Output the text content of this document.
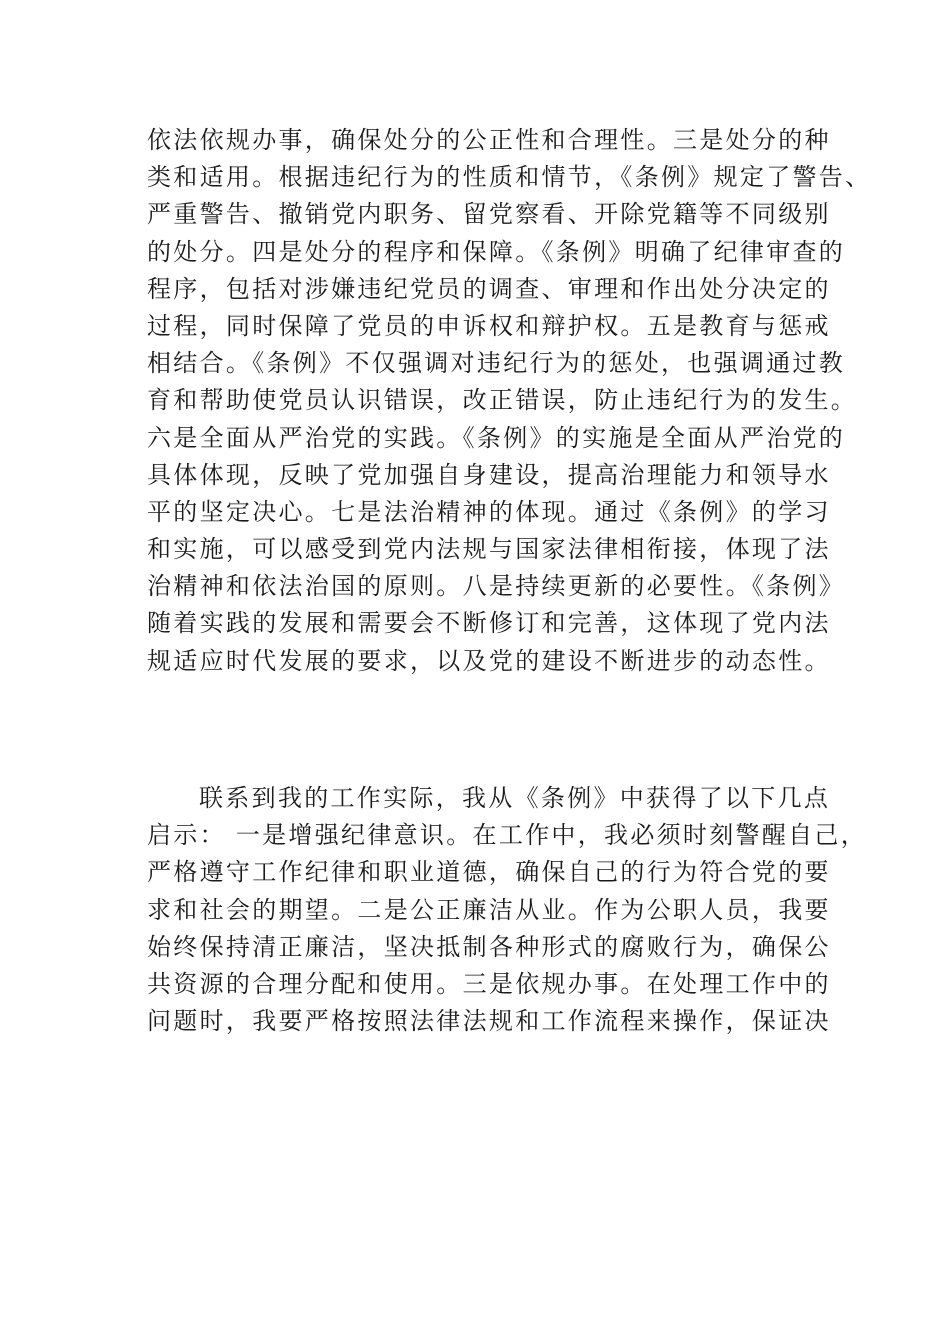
依法依规办事，确保处分的公正性和合理性。三是处分的种
类和适用。根据违纪行为的性质和情节，《条例》规定了警告、
严重警告、撤销党内职务、留党察看、开除党籍等不同级别
的处分。四是处分的程序和保障。《条例》明确了纪律审查的
程序，包括对涉嫌违纪党员的调查、审理和作出处分决定的
过程，同时保障了党员的申诉权和辩护权。五是教育与惩戒
相结合。《条例》不仅强调对违纪行为的惩处，也强调通过教
育和帮助使党员认识错误，改正错误，防止违纪行为的发生。
六是全面从严治党的实践。《条例》的实施是全面从严治党的
具体体现，反映了党加强自身建设，提高治理能力和领导水
平的坚定决心。七是法治精神的体现。通过《条例》的学习
和实施，可以感受到党内法规与国家法律相衔接，体现了法
治精神和依法治国的原则。八是持续更新的必要性。《条例》
随着实践的发展和需要会不断修订和完善，这体现了党内法
规适应时代发展的要求，以及党的建设不断进步的动态性。
联系到我的工作实际，我从《条例》中获得了以下几点
启示： 一是增强纪律意识。在工作中，我必须时刻警醒自己，
严格遵守工作纪律和职业道德，确保自己的行为符合党的要
求和社会的期望。二是公正廉洁从业。作为公职人员，我要
始终保持清正廉洁，坚决抵制各种形式的腐败行为，确保公
共资源的合理分配和使用。三是依规办事。在处理工作中的
问题时，我要严格按照法律法规和工作流程来操作，保证决
